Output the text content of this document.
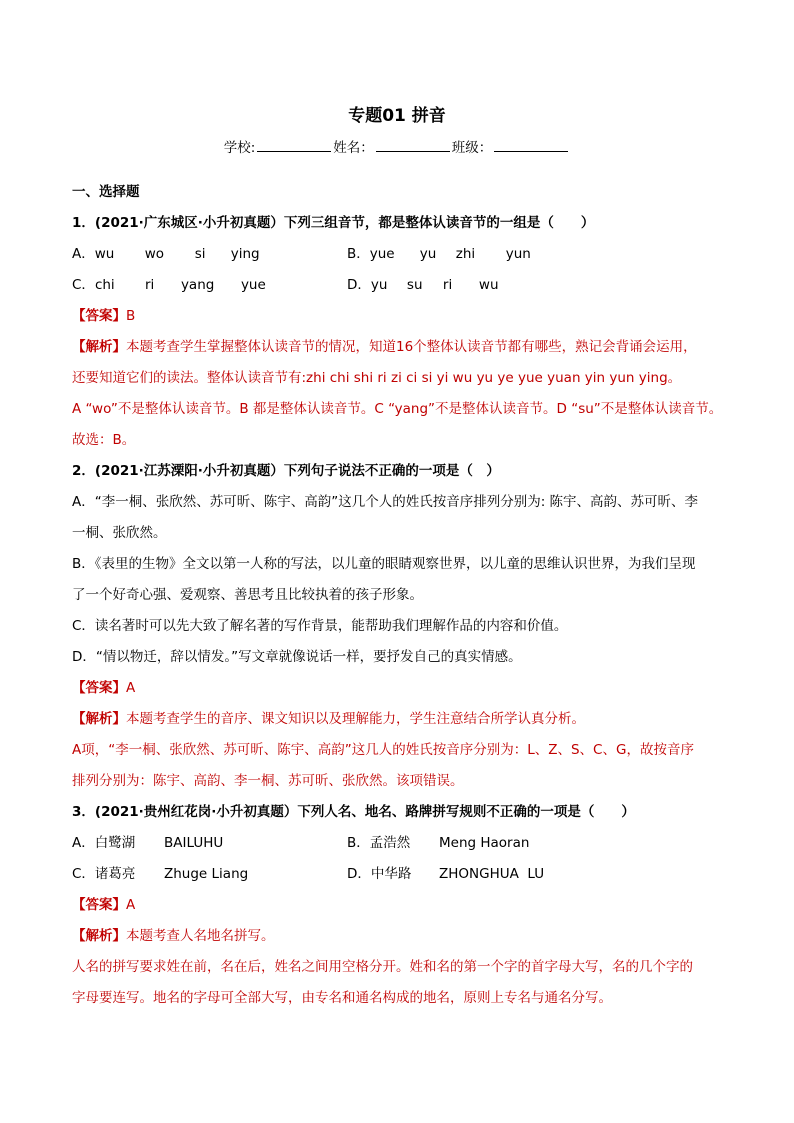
专题01 拼音
学校:	姓名：	班级：
一、选择题
1．(2021·广东城区·小升初真题）下列三组音节，都是整体认读音节的一组是（　　）
A．wu wo si ying	B．yue yu zhi yun
C．chi ri yang yue	D．yu su ri wu
【答案】B
【解析】本题考查学生掌握整体认读音节的情况，知道16个整体认读音节都有哪些，熟记会背诵会运用，
还要知道它们的读法。整体认读音节有:zhi chi shi ri zi ci si yi wu yu ye yue yuan yin yun ying。
A “wo”不是整体认读音节。B 都是整体认读音节。C “yang”不是整体认读音节。D “su”不是整体认读音节。
故选：B。
2．(2021·江苏溧阳·小升初真题）下列句子说法不正确的一项是（　）
A．“李一桐、张欣然、苏可昕、陈宇、高韵”这几个人的姓氏按音序排列分别为: 陈宇、高韵、苏可昕、李
一桐、张欣然。
B．《表里的生物》全文以第一人称的写法，以儿童的眼睛观察世界，以儿童的思维认识世界，为我们呈现
了一个好奇心强、爱观察、善思考且比较执着的孩子形象。
C．读名著时可以先大致了解名著的写作背景，能帮助我们理解作品的内容和价值。
D．“情以物迁，辞以情发。”写文章就像说话一样，要抒发自己的真实情感。
【答案】A
【解析】本题考查学生的音序、课文知识以及理解能力，学生注意结合所学认真分析。
A项，“李一桐、张欣然、苏可昕、陈宇、高韵”这几人的姓氏按音序分别为：L、Z、S、C、G，故按音序
排列分别为：陈宇、高韵、李一桐、苏可昕、张欣然。该项错误。
3．(2021·贵州红花岗·小升初真题）下列人名、地名、路牌拼写规则不正确的一项是（　　）
A．白鹭湖 BAILUHU	B．孟浩然 Meng Haoran
C．诸葛亮 Zhuge Liang	D．中华路 ZHONGHUA  LU
【答案】A
【解析】本题考查人名地名拼写。
人名的拼写要求姓在前，名在后，姓名之间用空格分开。姓和名的第一个字的首字母大写，名的几个字的
字母要连写。地名的字母可全部大写，由专名和通名构成的地名，原则上专名与通名分写。
